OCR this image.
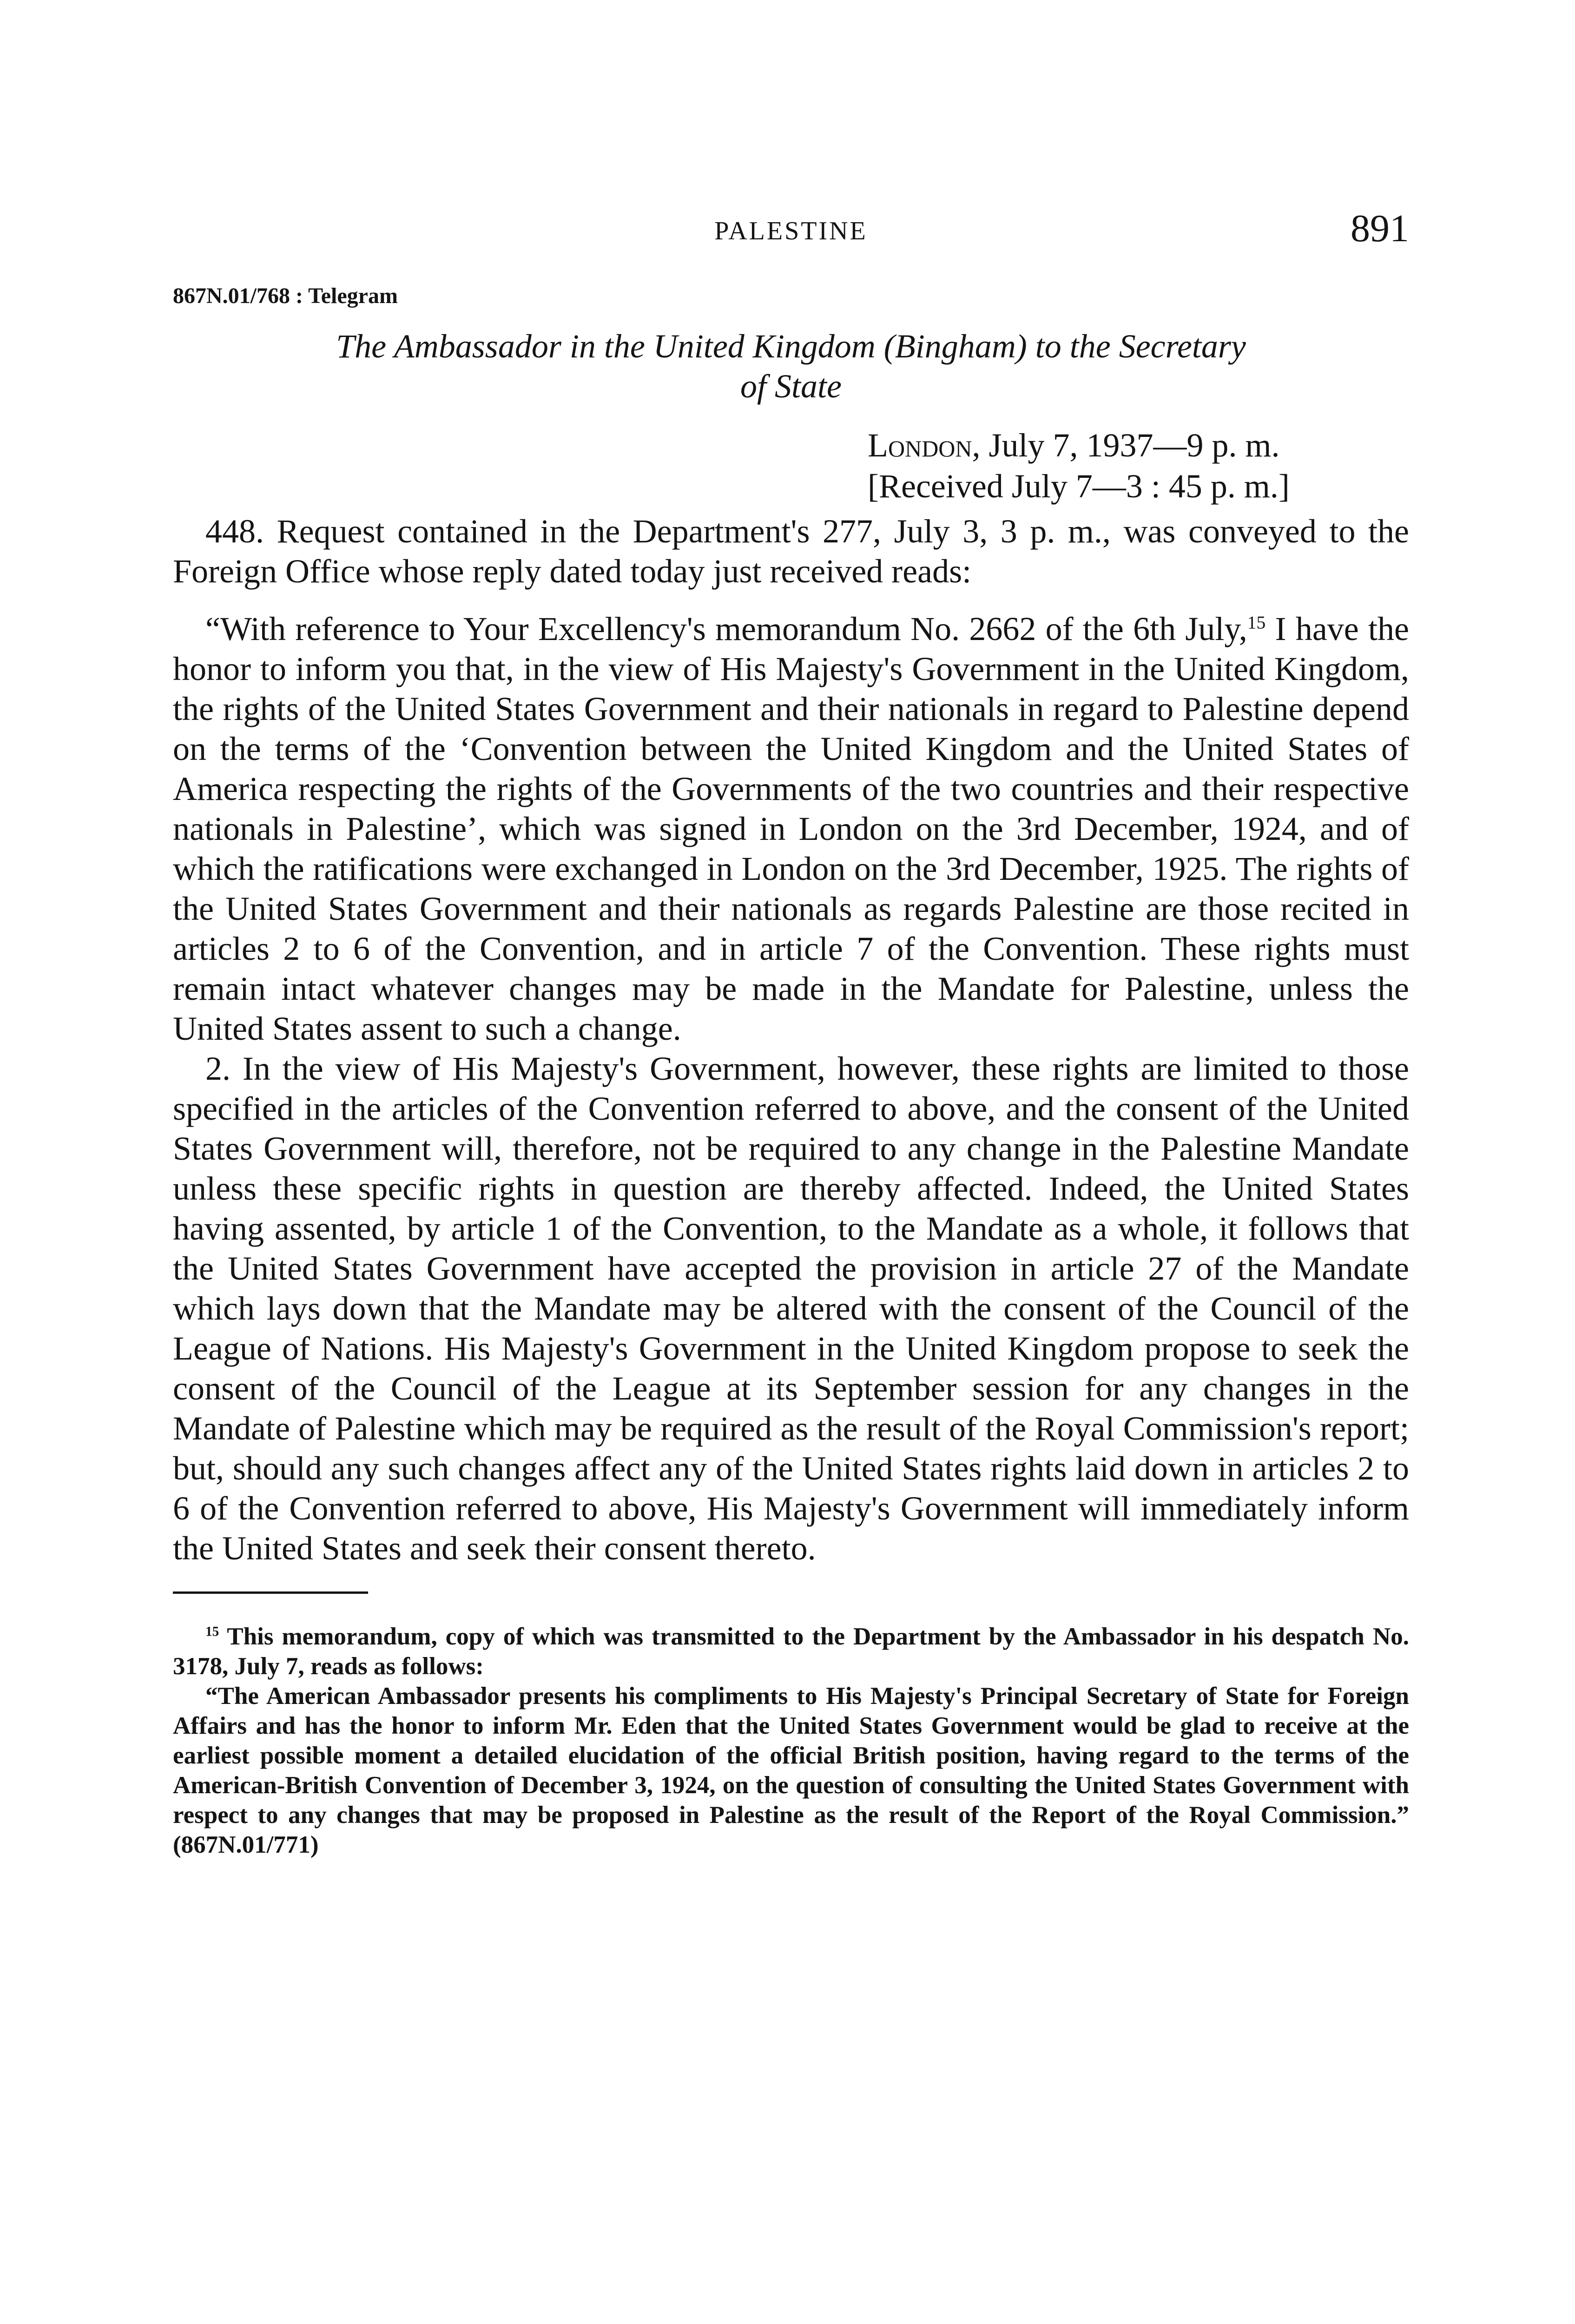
PALESTINE	891
867N.01/768 : Telegram
The Ambassador in the United Kingdom (Bingham) to the Secretary
of State
London, July 7, 1937—9 p. m.
[Received July 7—3 : 45 p. m.]

448. Request contained in the Department's 277, July 3, 3 p. m., was conveyed to the Foreign Office whose reply dated today just received reads:

“With reference to Your Excellency's memorandum No. 2662 of the 6th July,$^{15}$ I have the honor to inform you that, in the view of His Majesty's Government in the United Kingdom, the rights of the United States Government and their nationals in regard to Palestine depend on the terms of the ‘Convention between the United Kingdom and the United States of America respecting the rights of the Governments of the two countries and their respective nationals in Palestine’, which was signed in London on the 3rd December, 1924, and of which the ratifications were exchanged in London on the 3rd December, 1925. The rights of the United States Government and their nationals as regards Palestine are those recited in articles 2 to 6 of the Convention, and in article 7 of the Convention. These rights must remain intact whatever changes may be made in the Mandate for Palestine, unless the United States assent to such a change.

2. In the view of His Majesty's Government, however, these rights are limited to those specified in the articles of the Convention referred to above, and the consent of the United States Government will, therefore, not be required to any change in the Palestine Mandate unless these specific rights in question are thereby affected. Indeed, the United States having assented, by article 1 of the Convention, to the Mandate as a whole, it follows that the United States Government have accepted the provision in article 27 of the Mandate which lays down that the Mandate may be altered with the consent of the Council of the League of Nations. His Majesty's Government in the United Kingdom propose to seek the consent of the Council of the League at its September session for any changes in the Mandate of Palestine which may be required as the result of the Royal Commission's report; but, should any such changes affect any of the United States rights laid down in articles 2 to 6 of the Convention referred to above, His Majesty's Government will immediately inform the United States and seek their consent thereto.

$^{15}$ This memorandum, copy of which was transmitted to the Department by the Ambassador in his despatch No. 3178, July 7, reads as follows:

“The American Ambassador presents his compliments to His Majesty's Principal Secretary of State for Foreign Affairs and has the honor to inform Mr. Eden that the United States Government would be glad to receive at the earliest possible moment a detailed elucidation of the official British position, having regard to the terms of the American-British Convention of December 3, 1924, on the question of consulting the United States Government with respect to any changes that may be proposed in Palestine as the result of the Report of the Royal Commission.” (867N.01/771)
